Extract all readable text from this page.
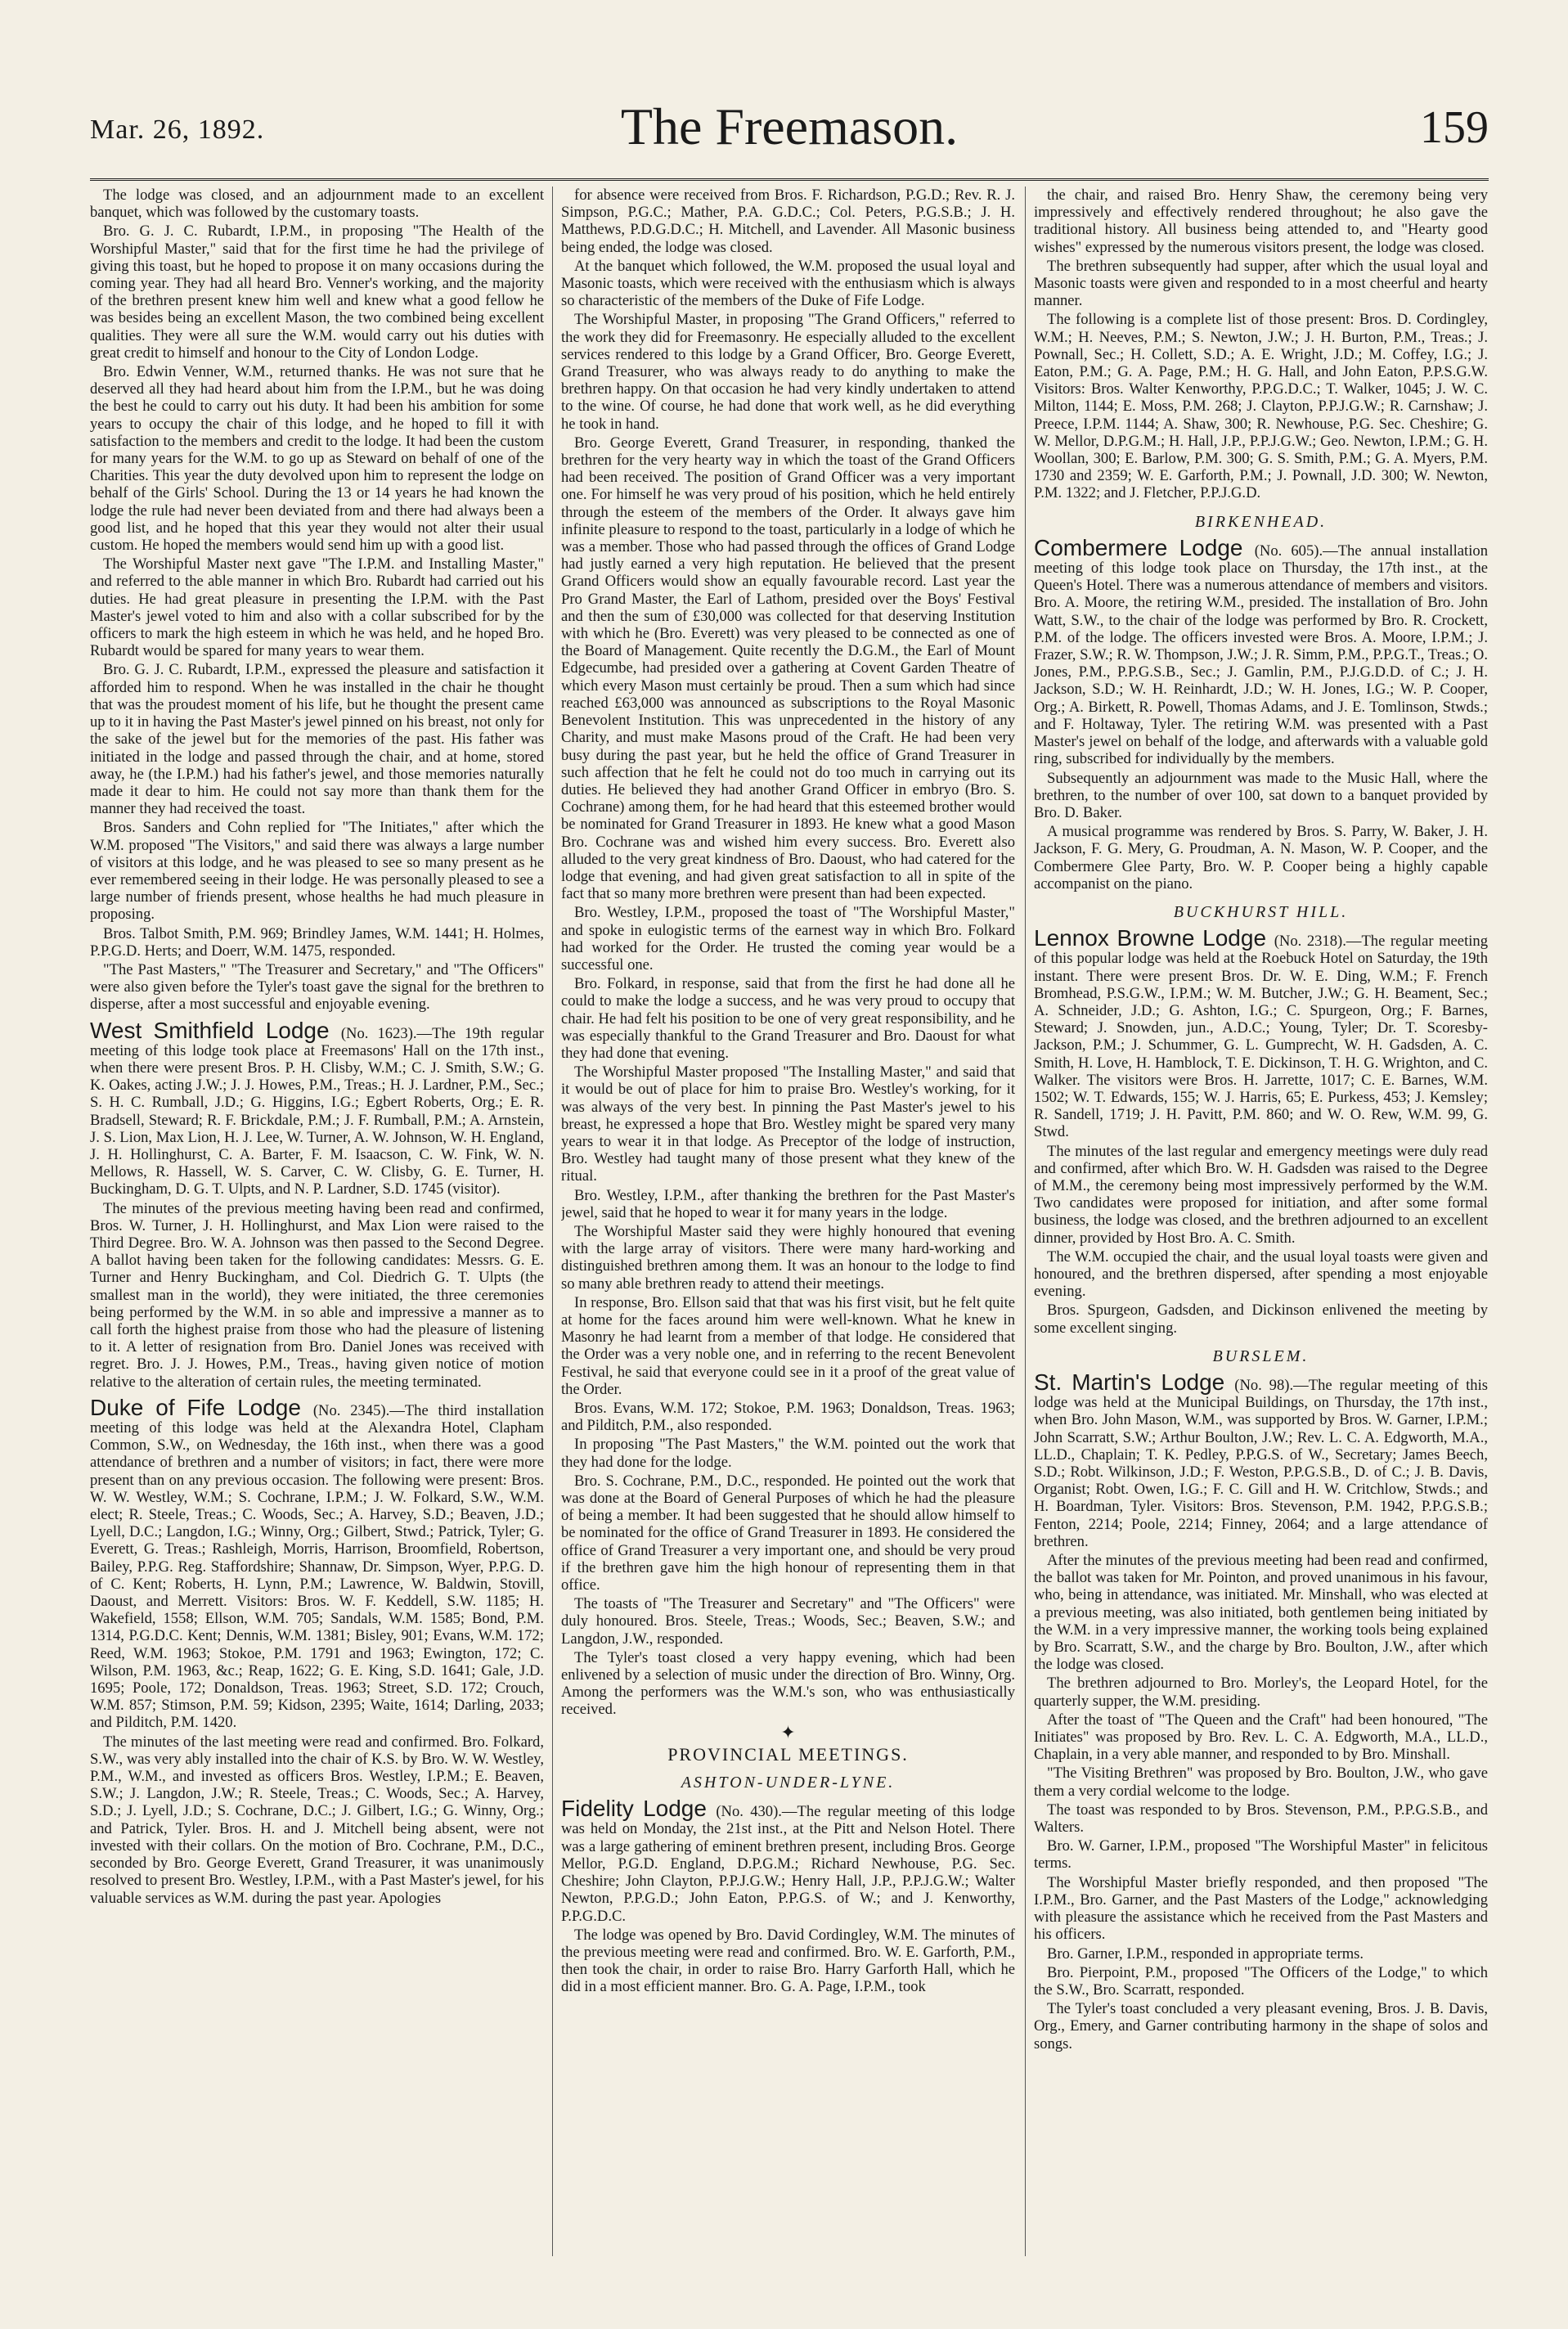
Mar. 26, 1892.	The Freemason.	159

The lodge was closed, and an adjournment made to an excellent banquet, which was followed by the customary toasts.

Bro. G. J. C. Rubardt, I.P.M., in proposing "The Health of the Worshipful Master," said that for the first time he had the privilege of giving this toast, but he hoped to propose it on many occasions during the coming year. They had all heard Bro. Venner's working, and the majority of the brethren present knew him well and knew what a good fellow he was besides being an excellent Mason, the two combined being excellent qualities. They were all sure the W.M. would carry out his duties with great credit to himself and honour to the City of London Lodge.

Bro. Edwin Venner, W.M., returned thanks. He was not sure that he deserved all they had heard about him from the I.P.M., but he was doing the best he could to carry out his duty. It had been his ambition for some years to occupy the chair of this lodge, and he hoped to fill it with satisfaction to the members and credit to the lodge. It had been the custom for many years for the W.M. to go up as Steward on behalf of one of the Charities. This year the duty devolved upon him to represent the lodge on behalf of the Girls' School. During the 13 or 14 years he had known the lodge the rule had never been deviated from and there had always been a good list, and he hoped that this year they would not alter their usual custom. He hoped the members would send him up with a good list.

The Worshipful Master next gave "The I.P.M. and Installing Master," and referred to the able manner in which Bro. Rubardt had carried out his duties. He had great pleasure in presenting the I.P.M. with the Past Master's jewel voted to him and also with a collar subscribed for by the officers to mark the high esteem in which he was held, and he hoped Bro. Rubardt would be spared for many years to wear them.

Bro. G. J. C. Rubardt, I.P.M., expressed the pleasure and satisfaction it afforded him to respond. When he was installed in the chair he thought that was the proudest moment of his life, but he thought the present came up to it in having the Past Master's jewel pinned on his breast, not only for the sake of the jewel but for the memories of the past. His father was initiated in the lodge and passed through the chair, and at home, stored away, he (the I.P.M.) had his father's jewel, and those memories naturally made it dear to him. He could not say more than thank them for the manner they had received the toast.

Bros. Sanders and Cohn replied for "The Initiates," after which the W.M. proposed "The Visitors," and said there was always a large number of visitors at this lodge, and he was pleased to see so many present as he ever remembered seeing in their lodge. He was personally pleased to see a large number of friends present, whose healths he had much pleasure in proposing.

Bros. Talbot Smith, P.M. 969; Brindley James, W.M. 1441; H. Holmes, P.P.G.D. Herts; and Doerr, W.M. 1475, responded.

"The Past Masters," "The Treasurer and Secretary," and "The Officers" were also given before the Tyler's toast gave the signal for the brethren to disperse, after a most successful and enjoyable evening.

West Smithfield Lodge (No. 1623).—The 19th regular meeting of this lodge took place at Freemasons' Hall on the 17th inst., when there were present Bros. P. H. Clisby, W.M.; C. J. Smith, S.W.; G. K. Oakes, acting J.W.; J. J. Howes, P.M., Treas.; H. J. Lardner, P.M., Sec.; S. H. C. Rumball, J.D.; G. Higgins, I.G.; Egbert Roberts, Org.; E. R. Bradsell, Steward; R. F. Brickdale, P.M.; J. F. Rumball, P.M.; A. Arnstein, J. S. Lion, Max Lion, H. J. Lee, W. Turner, A. W. Johnson, W. H. England, J. H. Hollinghurst, C. A. Barter, F. M. Isaacson, C. W. Fink, W. N. Mellows, R. Hassell, W. S. Carver, C. W. Clisby, G. E. Turner, H. Buckingham, D. G. T. Ulpts, and N. P. Lardner, S.D. 1745 (visitor).

The minutes of the previous meeting having been read and confirmed, Bros. W. Turner, J. H. Hollinghurst, and Max Lion were raised to the Third Degree. Bro. W. A. Johnson was then passed to the Second Degree. A ballot having been taken for the following candidates: Messrs. G. E. Turner and Henry Buckingham, and Col. Diedrich G. T. Ulpts (the smallest man in the world), they were initiated, the three ceremonies being performed by the W.M. in so able and impressive a manner as to call forth the highest praise from those who had the pleasure of listening to it. A letter of resignation from Bro. Daniel Jones was received with regret. Bro. J. J. Howes, P.M., Treas., having given notice of motion relative to the alteration of certain rules, the meeting terminated.

Duke of Fife Lodge (No. 2345).—The third installation meeting of this lodge was held at the Alexandra Hotel, Clapham Common, S.W., on Wednesday, the 16th inst., when there was a good attendance of brethren and a number of visitors; in fact, there were more present than on any previous occasion. The following were present: Bros. W. W. Westley, W.M.; S. Cochrane, I.P.M.; J. W. Folkard, S.W., W.M. elect; R. Steele, Treas.; C. Woods, Sec.; A. Harvey, S.D.; Beaven, J.D.; Lyell, D.C.; Langdon, I.G.; Winny, Org.; Gilbert, Stwd.; Patrick, Tyler; G. Everett, G. Treas.; Rashleigh, Morris, Harrison, Broomfield, Robertson, Bailey, P.P.G. Reg. Staffordshire; Shannaw, Dr. Simpson, Wyer, P.P.G. D. of C. Kent; Roberts, H. Lynn, P.M.; Lawrence, W. Baldwin, Stovill, Daoust, and Merrett. Visitors: Bros. W. F. Keddell, S.W. 1185; H. Wakefield, 1558; Ellson, W.M. 705; Sandals, W.M. 1585; Bond, P.M. 1314, P.G.D.C. Kent; Dennis, W.M. 1381; Bisley, 901; Evans, W.M. 172; Reed, W.M. 1963; Stokoe, P.M. 1791 and 1963; Ewington, 172; C. Wilson, P.M. 1963, &c.; Reap, 1622; G. E. King, S.D. 1641; Gale, J.D. 1695; Poole, 172; Donaldson, Treas. 1963; Street, S.D. 172; Crouch, W.M. 857; Stimson, P.M. 59; Kidson, 2395; Waite, 1614; Darling, 2033; and Pilditch, P.M. 1420.

The minutes of the last meeting were read and confirmed. Bro. Folkard, S.W., was very ably installed into the chair of K.S. by Bro. W. W. Westley, P.M., W.M., and invested as officers Bros. Westley, I.P.M.; E. Beaven, S.W.; J. Langdon, J.W.; R. Steele, Treas.; C. Woods, Sec.; A. Harvey, S.D.; J. Lyell, J.D.; S. Cochrane, D.C.; J. Gilbert, I.G.; G. Winny, Org.; and Patrick, Tyler. Bros. H. and J. Mitchell being absent, were not invested with their collars. On the motion of Bro. Cochrane, P.M., D.C., seconded by Bro. George Everett, Grand Treasurer, it was unanimously resolved to present Bro. Westley, I.P.M., with a Past Master's jewel, for his valuable services as W.M. during the past year. Apologies

for absence were received from Bros. F. Richardson, P.G.D.; Rev. R. J. Simpson, P.G.C.; Mather, P.A. G.D.C.; Col. Peters, P.G.S.B.; J. H. Matthews, P.D.G.D.C.; H. Mitchell, and Lavender. All Masonic business being ended, the lodge was closed.

At the banquet which followed, the W.M. proposed the usual loyal and Masonic toasts, which were received with the enthusiasm which is always so characteristic of the members of the Duke of Fife Lodge.

The Worshipful Master, in proposing "The Grand Officers," referred to the work they did for Freemasonry. He especially alluded to the excellent services rendered to this lodge by a Grand Officer, Bro. George Everett, Grand Treasurer, who was always ready to do anything to make the brethren happy. On that occasion he had very kindly undertaken to attend to the wine. Of course, he had done that work well, as he did everything he took in hand.

Bro. George Everett, Grand Treasurer, in responding, thanked the brethren for the very hearty way in which the toast of the Grand Officers had been received. The position of Grand Officer was a very important one. For himself he was very proud of his position, which he held entirely through the esteem of the members of the Order. It always gave him infinite pleasure to respond to the toast, particularly in a lodge of which he was a member. Those who had passed through the offices of Grand Lodge had justly earned a very high reputation. He believed that the present Grand Officers would show an equally favourable record. Last year the Pro Grand Master, the Earl of Lathom, presided over the Boys' Festival and then the sum of £30,000 was collected for that deserving Institution with which he (Bro. Everett) was very pleased to be connected as one of the Board of Management. Quite recently the D.G.M., the Earl of Mount Edgecumbe, had presided over a gathering at Covent Garden Theatre of which every Mason must certainly be proud. Then a sum which had since reached £63,000 was announced as subscriptions to the Royal Masonic Benevolent Institution. This was unprecedented in the history of any Charity, and must make Masons proud of the Craft. He had been very busy during the past year, but he held the office of Grand Treasurer in such affection that he felt he could not do too much in carrying out its duties. He believed they had another Grand Officer in embryo (Bro. S. Cochrane) among them, for he had heard that this esteemed brother would be nominated for Grand Treasurer in 1893. He knew what a good Mason Bro. Cochrane was and wished him every success. Bro. Everett also alluded to the very great kindness of Bro. Daoust, who had catered for the lodge that evening, and had given great satisfaction to all in spite of the fact that so many more brethren were present than had been expected.

Bro. Westley, I.P.M., proposed the toast of "The Worshipful Master," and spoke in eulogistic terms of the earnest way in which Bro. Folkard had worked for the Order. He trusted the coming year would be a successful one.

Bro. Folkard, in response, said that from the first he had done all he could to make the lodge a success, and he was very proud to occupy that chair. He had felt his position to be one of very great responsibility, and he was especially thankful to the Grand Treasurer and Bro. Daoust for what they had done that evening.

The Worshipful Master proposed "The Installing Master," and said that it would be out of place for him to praise Bro. Westley's working, for it was always of the very best. In pinning the Past Master's jewel to his breast, he expressed a hope that Bro. Westley might be spared very many years to wear it in that lodge. As Preceptor of the lodge of instruction, Bro. Westley had taught many of those present what they knew of the ritual.

Bro. Westley, I.P.M., after thanking the brethren for the Past Master's jewel, said that he hoped to wear it for many years in the lodge.

The Worshipful Master said they were highly honoured that evening with the large array of visitors. There were many hard-working and distinguished brethren among them. It was an honour to the lodge to find so many able brethren ready to attend their meetings.

In response, Bro. Ellson said that that was his first visit, but he felt quite at home for the faces around him were well-known. What he knew in Masonry he had learnt from a member of that lodge. He considered that the Order was a very noble one, and in referring to the recent Benevolent Festival, he said that everyone could see in it a proof of the great value of the Order.

Bros. Evans, W.M. 172; Stokoe, P.M. 1963; Donaldson, Treas. 1963; and Pilditch, P.M., also responded.

In proposing "The Past Masters," the W.M. pointed out the work that they had done for the lodge.

Bro. S. Cochrane, P.M., D.C., responded. He pointed out the work that was done at the Board of General Purposes of which he had the pleasure of being a member. It had been suggested that he should allow himself to be nominated for the office of Grand Treasurer in 1893. He considered the office of Grand Treasurer a very important one, and should be very proud if the brethren gave him the high honour of representing them in that office.

The toasts of "The Treasurer and Secretary" and "The Officers" were duly honoured. Bros. Steele, Treas.; Woods, Sec.; Beaven, S.W.; and Langdon, J.W., responded.

The Tyler's toast closed a very happy evening, which had been enlivened by a selection of music under the direction of Bro. Winny, Org. Among the performers was the W.M.'s son, who was enthusiastically received.

✦
PROVINCIAL MEETINGS.
ASHTON-UNDER-LYNE.

Fidelity Lodge (No. 430).—The regular meeting of this lodge was held on Monday, the 21st inst., at the Pitt and Nelson Hotel. There was a large gathering of eminent brethren present, including Bros. George Mellor, P.G.D. England, D.P.G.M.; Richard Newhouse, P.G. Sec. Cheshire; John Clayton, P.P.J.G.W.; Henry Hall, J.P., P.P.J.G.W.; Walter Newton, P.P.G.D.; John Eaton, P.P.G.S. of W.; and J. Kenworthy, P.P.G.D.C.

The lodge was opened by Bro. David Cordingley, W.M. The minutes of the previous meeting were read and confirmed. Bro. W. E. Garforth, P.M., then took the chair, in order to raise Bro. Harry Garforth Hall, which he did in a most efficient manner. Bro. G. A. Page, I.P.M., took

the chair, and raised Bro. Henry Shaw, the ceremony being very impressively and effectively rendered throughout; he also gave the traditional history. All business being attended to, and "Hearty good wishes" expressed by the numerous visitors present, the lodge was closed.

The brethren subsequently had supper, after which the usual loyal and Masonic toasts were given and responded to in a most cheerful and hearty manner.

The following is a complete list of those present: Bros. D. Cordingley, W.M.; H. Neeves, P.M.; S. Newton, J.W.; J. H. Burton, P.M., Treas.; J. Pownall, Sec.; H. Collett, S.D.; A. E. Wright, J.D.; M. Coffey, I.G.; J. Eaton, P.M.; G. A. Page, P.M.; H. G. Hall, and John Eaton, P.P.S.G.W. Visitors: Bros. Walter Kenworthy, P.P.G.D.C.; T. Walker, 1045; J. W. C. Milton, 1144; E. Moss, P.M. 268; J. Clayton, P.P.J.G.W.; R. Carnshaw; J. Preece, I.P.M. 1144; A. Shaw, 300; R. Newhouse, P.G. Sec. Cheshire; G. W. Mellor, D.P.G.M.; H. Hall, J.P., P.P.J.G.W.; Geo. Newton, I.P.M.; G. H. Woollan, 300; E. Barlow, P.M. 300; G. S. Smith, P.M.; G. A. Myers, P.M. 1730 and 2359; W. E. Garforth, P.M.; J. Pownall, J.D. 300; W. Newton, P.M. 1322; and J. Fletcher, P.P.J.G.D.

BIRKENHEAD.

Combermere Lodge (No. 605).—The annual installation meeting of this lodge took place on Thursday, the 17th inst., at the Queen's Hotel. There was a numerous attendance of members and visitors. Bro. A. Moore, the retiring W.M., presided. The installation of Bro. John Watt, S.W., to the chair of the lodge was performed by Bro. R. Crockett, P.M. of the lodge. The officers invested were Bros. A. Moore, I.P.M.; J. Frazer, S.W.; R. W. Thompson, J.W.; J. R. Simm, P.M., P.P.G.T., Treas.; O. Jones, P.M., P.P.G.S.B., Sec.; J. Gamlin, P.M., P.J.G.D.D. of C.; J. H. Jackson, S.D.; W. H. Reinhardt, J.D.; W. H. Jones, I.G.; W. P. Cooper, Org.; A. Birkett, R. Powell, Thomas Adams, and J. E. Tomlinson, Stwds.; and F. Holtaway, Tyler. The retiring W.M. was presented with a Past Master's jewel on behalf of the lodge, and afterwards with a valuable gold ring, subscribed for individually by the members.

Subsequently an adjournment was made to the Music Hall, where the brethren, to the number of over 100, sat down to a banquet provided by Bro. D. Baker.

A musical programme was rendered by Bros. S. Parry, W. Baker, J. H. Jackson, F. G. Mery, G. Proudman, A. N. Mason, W. P. Cooper, and the Combermere Glee Party, Bro. W. P. Cooper being a highly capable accompanist on the piano.

BUCKHURST HILL.

Lennox Browne Lodge (No. 2318).—The regular meeting of this popular lodge was held at the Roebuck Hotel on Saturday, the 19th instant. There were present Bros. Dr. W. E. Ding, W.M.; F. French Bromhead, P.S.G.W., I.P.M.; W. M. Butcher, J.W.; G. H. Beament, Sec.; A. Schneider, J.D.; G. Ashton, I.G.; C. Spurgeon, Org.; F. Barnes, Steward; J. Snowden, jun., A.D.C.; Young, Tyler; Dr. T. Scoresby-Jackson, P.M.; J. Schummer, G. L. Gumprecht, W. H. Gadsden, A. C. Smith, H. Love, H. Hamblock, T. E. Dickinson, T. H. G. Wrighton, and C. Walker. The visitors were Bros. H. Jarrette, 1017; C. E. Barnes, W.M. 1502; W. T. Edwards, 155; W. J. Harris, 65; E. Purkess, 453; J. Kemsley; R. Sandell, 1719; J. H. Pavitt, P.M. 860; and W. O. Rew, W.M. 99, G. Stwd.

The minutes of the last regular and emergency meetings were duly read and confirmed, after which Bro. W. H. Gadsden was raised to the Degree of M.M., the ceremony being most impressively performed by the W.M. Two candidates were proposed for initiation, and after some formal business, the lodge was closed, and the brethren adjourned to an excellent dinner, provided by Host Bro. A. C. Smith.

The W.M. occupied the chair, and the usual loyal toasts were given and honoured, and the brethren dispersed, after spending a most enjoyable evening.

Bros. Spurgeon, Gadsden, and Dickinson enlivened the meeting by some excellent singing.

BURSLEM.

St. Martin's Lodge (No. 98).—The regular meeting of this lodge was held at the Municipal Buildings, on Thursday, the 17th inst., when Bro. John Mason, W.M., was supported by Bros. W. Garner, I.P.M.; John Scarratt, S.W.; Arthur Boulton, J.W.; Rev. L. C. A. Edgworth, M.A., LL.D., Chaplain; T. K. Pedley, P.P.G.S. of W., Secretary; James Beech, S.D.; Robt. Wilkinson, J.D.; F. Weston, P.P.G.S.B., D. of C.; J. B. Davis, Organist; Robt. Owen, I.G.; F. C. Gill and H. W. Critchlow, Stwds.; and H. Boardman, Tyler. Visitors: Bros. Stevenson, P.M. 1942, P.P.G.S.B.; Fenton, 2214; Poole, 2214; Finney, 2064; and a large attendance of brethren.

After the minutes of the previous meeting had been read and confirmed, the ballot was taken for Mr. Pointon, and proved unanimous in his favour, who, being in attendance, was initiated. Mr. Minshall, who was elected at a previous meeting, was also initiated, both gentlemen being initiated by the W.M. in a very impressive manner, the working tools being explained by Bro. Scarratt, S.W., and the charge by Bro. Boulton, J.W., after which the lodge was closed.

The brethren adjourned to Bro. Morley's, the Leopard Hotel, for the quarterly supper, the W.M. presiding.

After the toast of "The Queen and the Craft" had been honoured, "The Initiates" was proposed by Bro. Rev. L. C. A. Edgworth, M.A., LL.D., Chaplain, in a very able manner, and responded to by Bro. Minshall.

"The Visiting Brethren" was proposed by Bro. Boulton, J.W., who gave them a very cordial welcome to the lodge.

The toast was responded to by Bros. Stevenson, P.M., P.P.G.S.B., and Walters.

Bro. W. Garner, I.P.M., proposed "The Worshipful Master" in felicitous terms.

The Worshipful Master briefly responded, and then proposed "The I.P.M., Bro. Garner, and the Past Masters of the Lodge," acknowledging with pleasure the assistance which he received from the Past Masters and his officers.

Bro. Garner, I.P.M., responded in appropriate terms.

Bro. Pierpoint, P.M., proposed "The Officers of the Lodge," to which the S.W., Bro. Scarratt, responded.

The Tyler's toast concluded a very pleasant evening, Bros. J. B. Davis, Org., Emery, and Garner contributing harmony in the shape of solos and songs.
